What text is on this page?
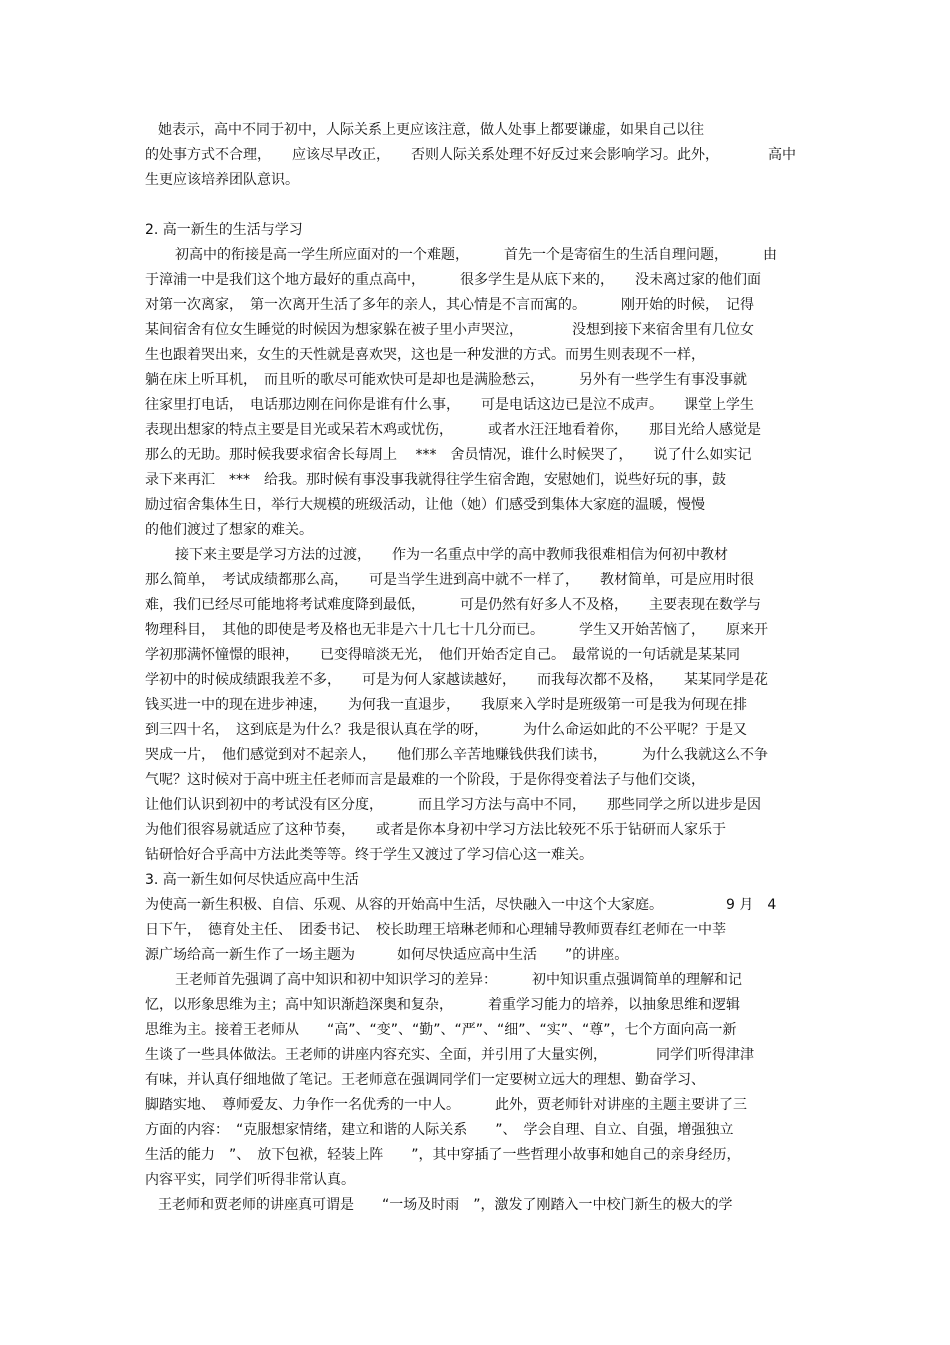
她表示，高中不同于初中，人际关系上更应该注意，做人处事上都要谦虚，如果自己以往
的处事方式不合理，　　应该尽早改正，　　否则人际关系处理不好反过来会影响学习。此外，　　　　高中
生更应该培养团队意识。
2. 高一新生的生活与学习
初高中的衔接是高一学生所应面对的一个难题，　　　首先一个是寄宿生的生活自理问题，　　　由
于漳浦一中是我们这个地方最好的重点高中，　　　很多学生是从底下来的，　　没未离过家的他们面
对第一次离家，　第一次离开生活了多年的亲人，其心情是不言而寓的。　　　刚开始的时候，　记得
某间宿舍有位女生睡觉的时候因为想家躲在被子里小声哭泣，　　　　没想到接下来宿舍里有几位女
生也跟着哭出来，女生的天性就是喜欢哭，这也是一种发泄的方式。而男生则表现不一样，
躺在床上听耳机，　而且听的歌尽可能欢快可是却也是满脸愁云，　　　另外有一些学生有事没事就
往家里打电话，　电话那边刚在问你是谁有什么事，　　可是电话这边已是泣不成声。　　课堂上学生
表现出想家的特点主要是目光或呆若木鸡或忧伤，　　　或者水汪汪地看着你，　　那目光给人感觉是
那么的无助。那时候我要求宿舍长每周上　 ***　舍员情况，谁什么时候哭了，　　说了什么如实记
录下来再汇　***　给我。那时候有事没事我就得往学生宿舍跑，安慰她们，说些好玩的事，鼓
励过宿舍集体生日，举行大规模的班级活动，让他（她）们感受到集体大家庭的温暖，慢慢
的他们渡过了想家的难关。
接下来主要是学习方法的过渡，　　作为一名重点中学的高中教师我很难相信为何初中教材
那么简单，　考试成绩都那么高，　　可是当学生进到高中就不一样了，　　教材简单，可是应用时很
难，我们已经尽可能地将考试难度降到最低，　　　可是仍然有好多人不及格，　　主要表现在数学与
物理科目，　其他的即使是考及格也无非是六十几七十几分而已。　　　学生又开始苦恼了，　　原来开
学初那满怀憧憬的眼神，　　已变得暗淡无光，　他们开始否定自己。　最常说的一句话就是某某同
学初中的时候成绩跟我差不多，　　可是为何人家越读越好，　　而我每次都不及格，　　某某同学是花
钱买进一中的现在进步神速，　　为何我一直退步，　　我原来入学时是班级第一可是我为何现在排
到三四十名，　这到底是为什么？我是很认真在学的呀，　　　为什么命运如此的不公平呢？于是又
哭成一片，　他们感觉到对不起亲人，　　他们那么辛苦地赚钱供我们读书，　　　为什么我就这么不争
气呢？这时候对于高中班主任老师而言是最难的一个阶段，于是你得变着法子与他们交谈，
让他们认识到初中的考试没有区分度，　　　而且学习方法与高中不同，　　那些同学之所以进步是因
为他们很容易就适应了这种节奏，　　或者是你本身初中学习方法比较死不乐于钻研而人家乐于
钻研恰好合乎高中方法此类等等。终于学生又渡过了学习信心这一难关。
3. 高一新生如何尽快适应高中生活
为使高一新生积极、自信、乐观、从容的开始高中生活，尽快融入一中这个大家庭。　　　　　9 月　4
日下午，　德育处主任、　团委书记、　校长助理王培琳老师和心理辅导教师贾春红老师在一中莘
源广场给高一新生作了一场主题为　　　如何尽快适应高中生活　　”的讲座。
王老师首先强调了高中知识和初中知识学习的差异：　　　初中知识重点强调简单的理解和记
忆，以形象思维为主；高中知识渐趋深奥和复杂，　　　着重学习能力的培养，以抽象思维和逻辑
思维为主。接着王老师从　　“高”、“变”、“勤”、“严”、“细”、“实”、“尊”，七个方面向高一新
生谈了一些具体做法。王老师的讲座内容充实、全面，并引用了大量实例，　　　　同学们听得津津
有味，并认真仔细地做了笔记。王老师意在强调同学们一定要树立远大的理想、勤奋学习、
脚踏实地、　尊师爱友、力争作一名优秀的一中人。　　　此外，贾老师针对讲座的主题主要讲了三
方面的内容：　“克服想家情绪，建立和谐的人际关系　　”、　学会自理、自立、自强，增强独立
生活的能力　”、　放下包袱，轻装上阵　　”，其中穿插了一些哲理小故事和她自己的亲身经历，
内容平实，同学们听得非常认真。
王老师和贾老师的讲座真可谓是　　“一场及时雨　”，激发了刚踏入一中校门新生的极大的学
